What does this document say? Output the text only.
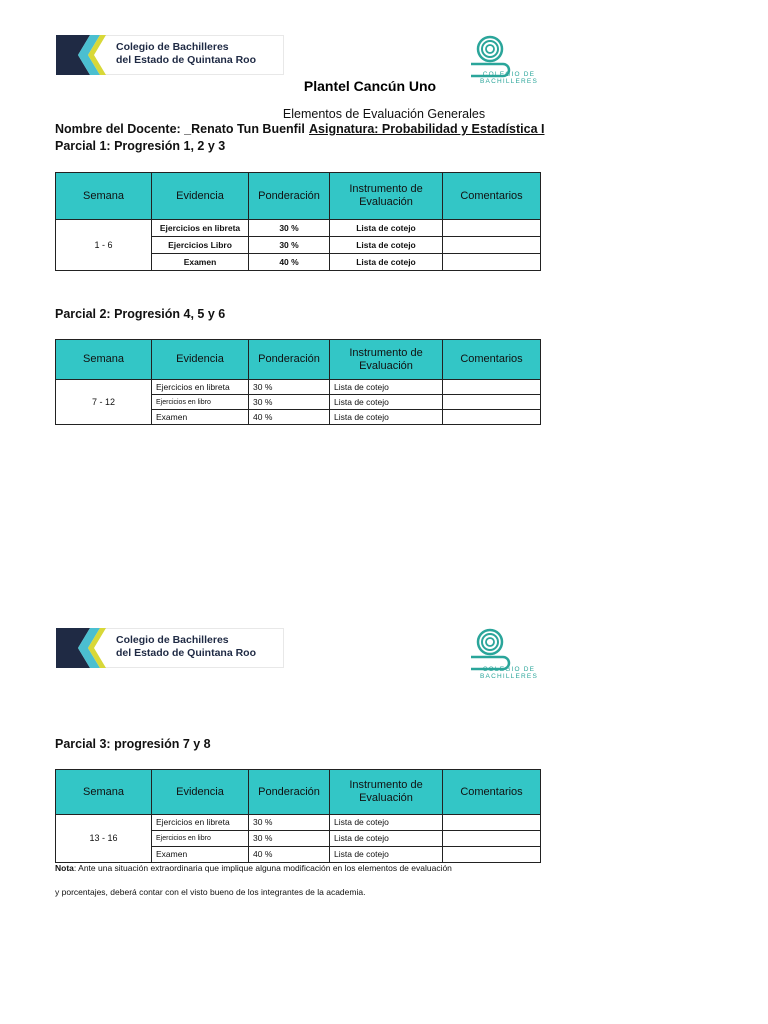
Colegio de Bachilleres
del Estado de Quintana Roo
COLEGIO DE
BACHILLERES
Plantel Cancún Uno
Elementos de Evaluación Generales
Nombre del Docente: _Renato Tun Buenfil Asignatura: Probabilidad y Estadística I
Parcial 1: Progresión 1, 2 y 3
Semana	Evidencia	Ponderación	Instrumento de Evaluación	Comentarios
1 - 6	Ejercicios en libreta	30 %	Lista de cotejo	
	Ejercicios Libro	30 %	Lista de cotejo	
	Examen	40 %	Lista de cotejo	
Parcial 2: Progresión 4, 5 y 6
Semana	Evidencia	Ponderación	Instrumento de Evaluación	Comentarios
7 - 12	Ejercicios en libreta	30 %	Lista de cotejo	
	Ejercicios en libro	30 %	Lista de cotejo	
	Examen	40 %	Lista de cotejo	
Colegio de Bachilleres
del Estado de Quintana Roo
COLEGIO DE
BACHILLERES
Parcial 3: progresión 7 y 8
Semana	Evidencia	Ponderación	Instrumento de Evaluación	Comentarios
13 - 16	Ejercicios en libreta	30 %	Lista de cotejo	
	Ejercicios en libro	30 %	Lista de cotejo	
	Examen	40 %	Lista de cotejo	
Nota: Ante una situación extraordinaria que implique alguna modificación en los elementos de evaluación
y porcentajes, deberá contar con el visto bueno de los integrantes de la academia.
